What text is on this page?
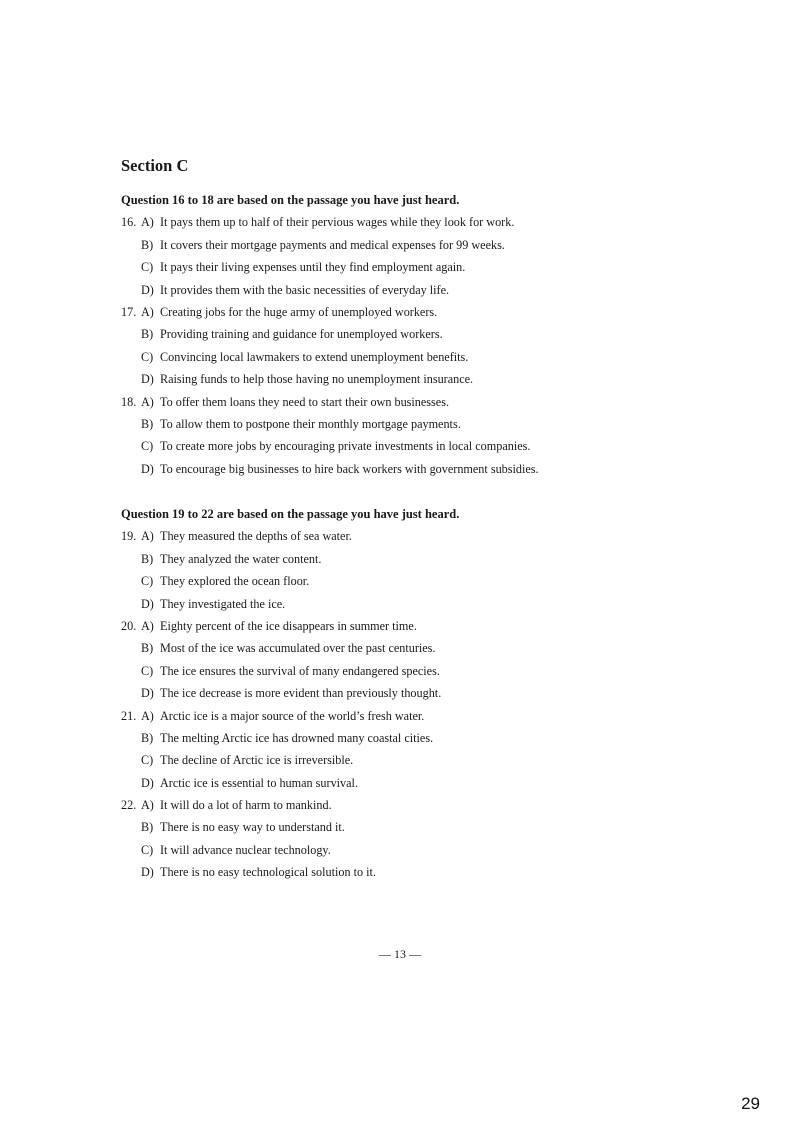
Section C
Question 16 to 18 are based on the passage you have just heard.
16. A) It pays them up to half of their pervious wages while they look for work.
B) It covers their mortgage payments and medical expenses for 99 weeks.
C) It pays their living expenses until they find employment again.
D) It provides them with the basic necessities of everyday life.
17. A) Creating jobs for the huge army of unemployed workers.
B) Providing training and guidance for unemployed workers.
C) Convincing local lawmakers to extend unemployment benefits.
D) Raising funds to help those having no unemployment insurance.
18. A) To offer them loans they need to start their own businesses.
B) To allow them to postpone their monthly mortgage payments.
C) To create more jobs by encouraging private investments in local companies.
D) To encourage big businesses to hire back workers with government subsidies.
Question 19 to 22 are based on the passage you have just heard.
19. A) They measured the depths of sea water.
B) They analyzed the water content.
C) They explored the ocean floor.
D) They investigated the ice.
20. A) Eighty percent of the ice disappears in summer time.
B) Most of the ice was accumulated over the past centuries.
C) The ice ensures the survival of many endangered species.
D) The ice decrease is more evident than previously thought.
21. A) Arctic ice is a major source of the world’s fresh water.
B) The melting Arctic ice has drowned many coastal cities.
C) The decline of Arctic ice is irreversible.
D) Arctic ice is essential to human survival.
22. A) It will do a lot of harm to mankind.
B) There is no easy way to understand it.
C) It will advance nuclear technology.
D) There is no easy technological solution to it.
— 13 —
29
